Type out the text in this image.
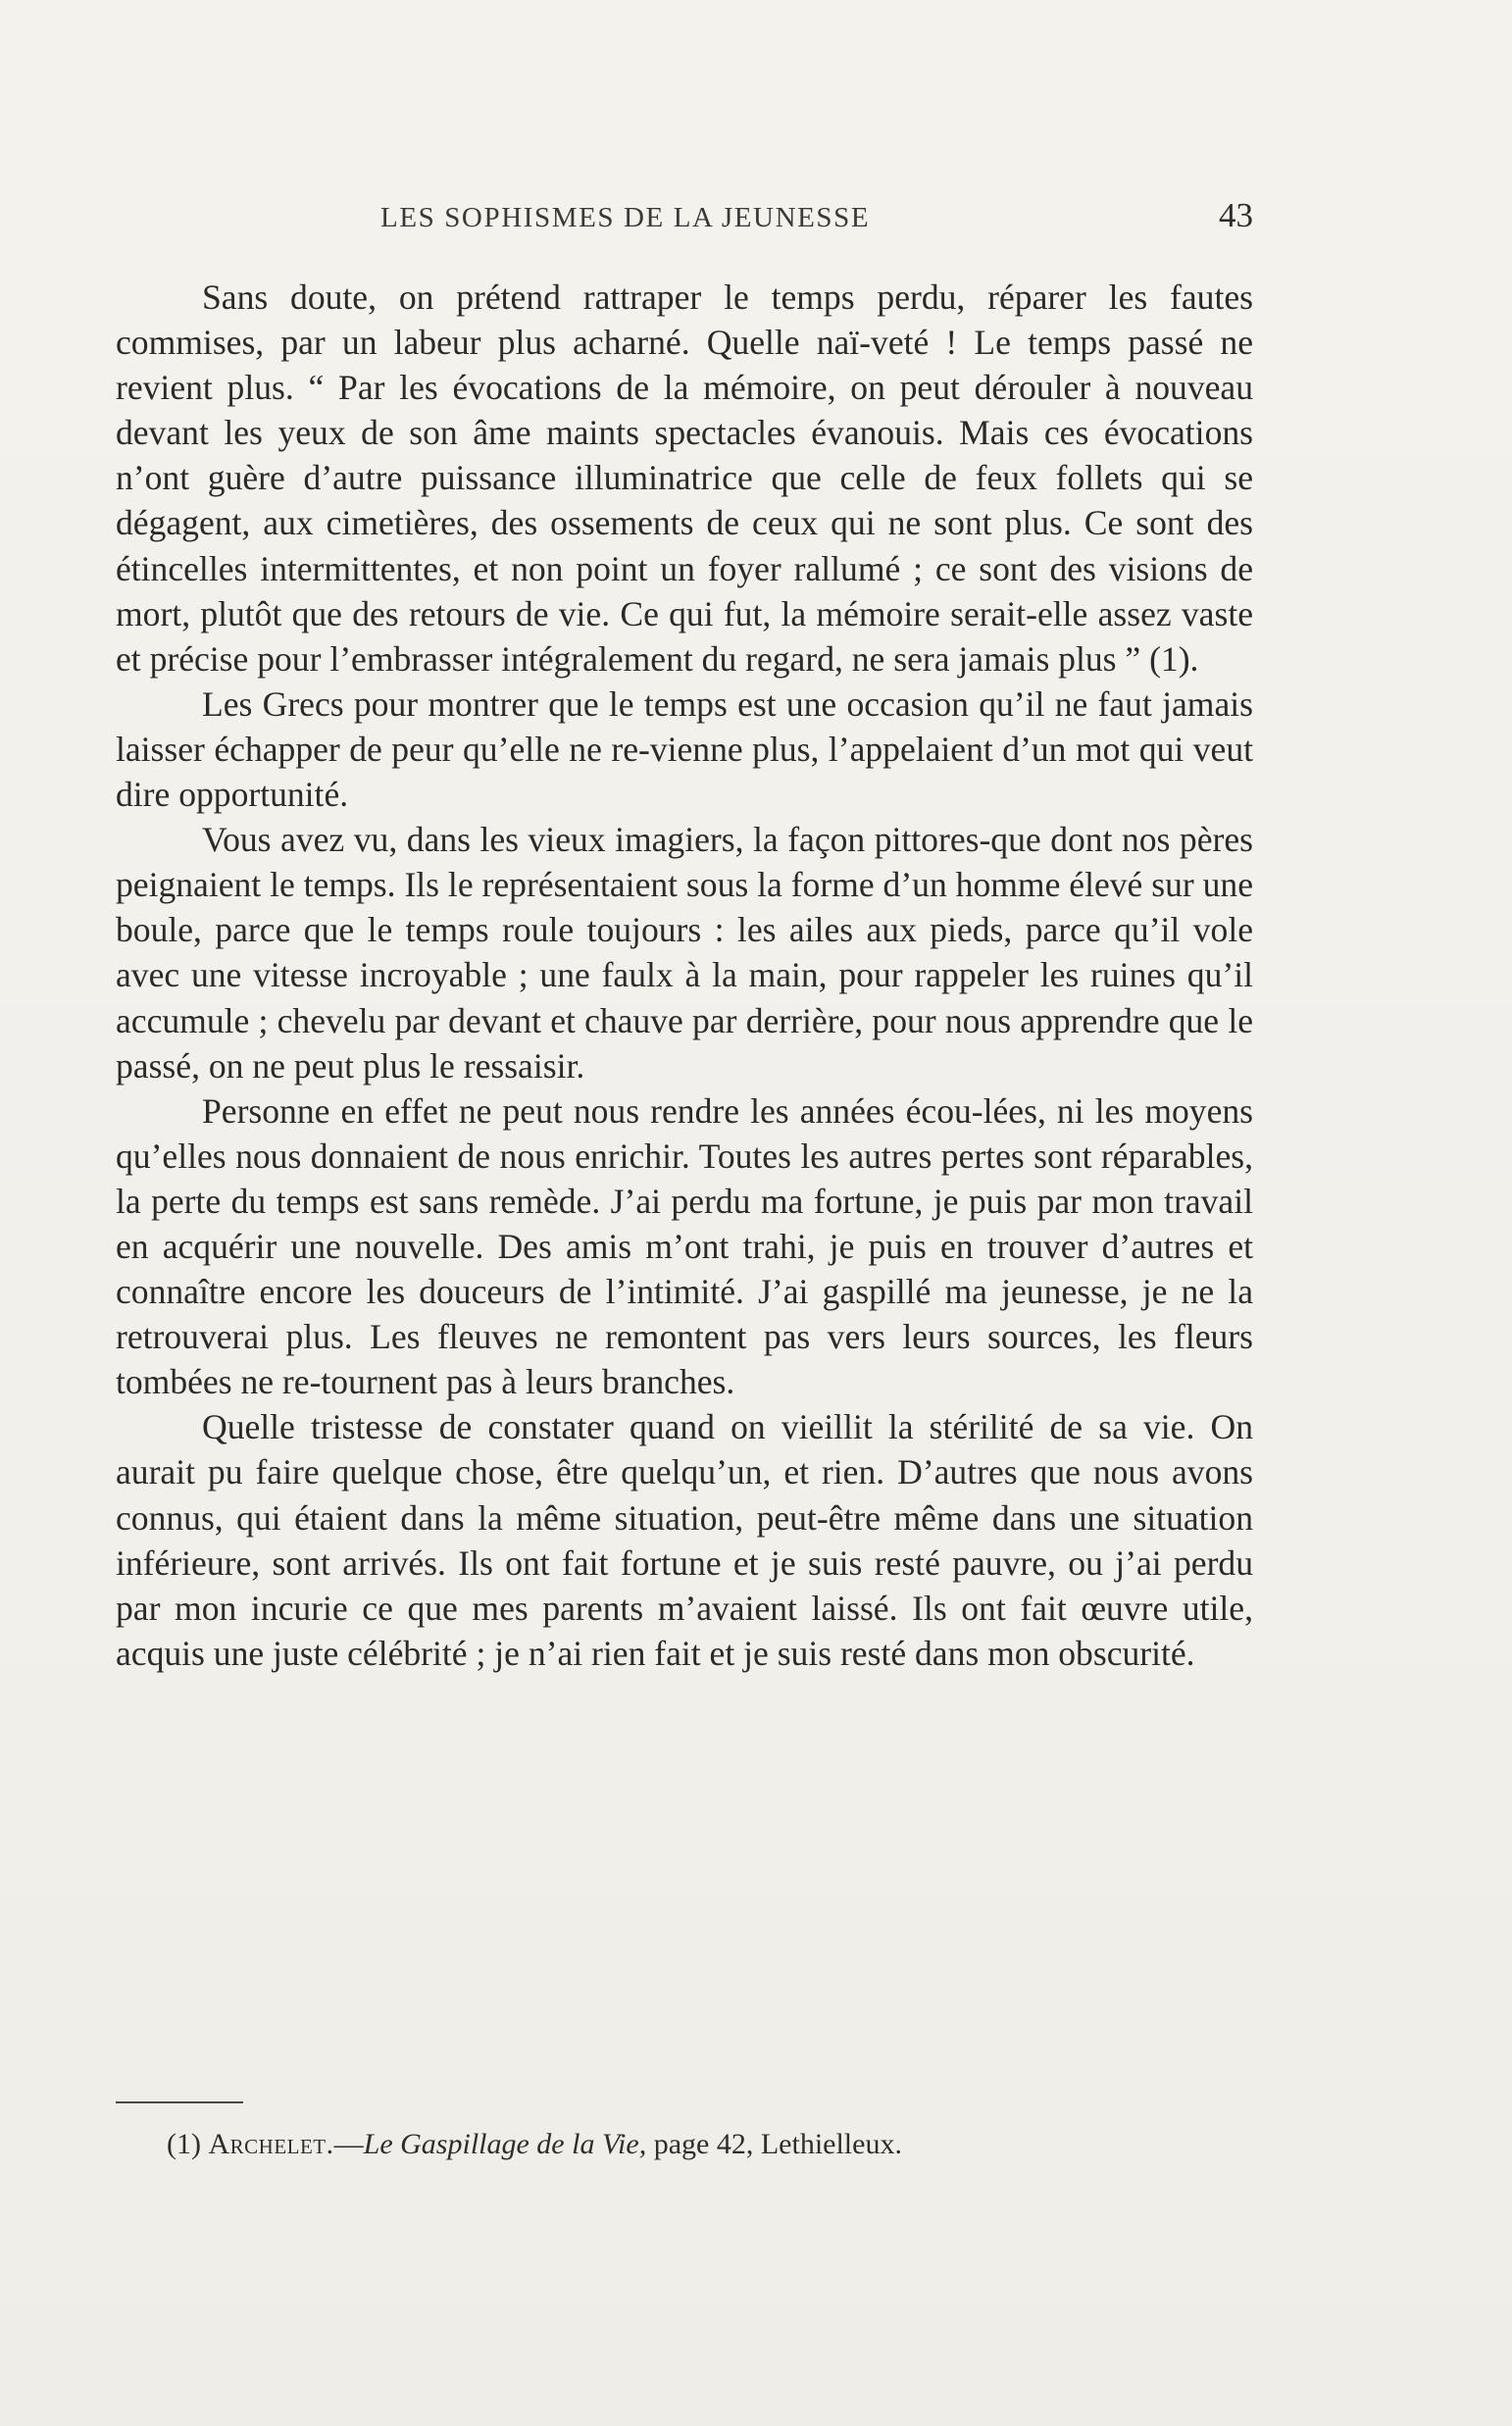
LES SOPHISMES DE LA JEUNESSE	43

Sans doute, on prétend rattraper le temps perdu, réparer les fautes commises, par un labeur plus acharné. Quelle naï-veté ! Le temps passé ne revient plus. “ Par les évocations de la mémoire, on peut dérouler à nouveau devant les yeux de son âme maints spectacles évanouis. Mais ces évocations n’ont guère d’autre puissance illuminatrice que celle de feux follets qui se dégagent, aux cimetières, des ossements de ceux qui ne sont plus. Ce sont des étincelles intermittentes, et non point un foyer rallumé ; ce sont des visions de mort, plutôt que des retours de vie. Ce qui fut, la mémoire serait-elle assez vaste et précise pour l’embrasser intégralement du regard, ne sera jamais plus ” (1).

Les Grecs pour montrer que le temps est une occasion qu’il ne faut jamais laisser échapper de peur qu’elle ne re-vienne plus, l’appelaient d’un mot qui veut dire opportunité.

Vous avez vu, dans les vieux imagiers, la façon pittores-que dont nos pères peignaient le temps. Ils le représentaient sous la forme d’un homme élevé sur une boule, parce que le temps roule toujours : les ailes aux pieds, parce qu’il vole avec une vitesse incroyable ; une faulx à la main, pour rappeler les ruines qu’il accumule ; chevelu par devant et chauve par derrière, pour nous apprendre que le passé, on ne peut plus le ressaisir.

Personne en effet ne peut nous rendre les années écou-lées, ni les moyens qu’elles nous donnaient de nous enrichir. Toutes les autres pertes sont réparables, la perte du temps est sans remède. J’ai perdu ma fortune, je puis par mon travail en acquérir une nouvelle. Des amis m’ont trahi, je puis en trouver d’autres et connaître encore les douceurs de l’intimité. J’ai gaspillé ma jeunesse, je ne la retrouverai plus. Les fleuves ne remontent pas vers leurs sources, les fleurs tombées ne re-tournent pas à leurs branches.

Quelle tristesse de constater quand on vieillit la stérilité de sa vie. On aurait pu faire quelque chose, être quelqu’un, et rien. D’autres que nous avons connus, qui étaient dans la même situation, peut-être même dans une situation inférieure, sont arrivés. Ils ont fait fortune et je suis resté pauvre, ou j’ai perdu par mon incurie ce que mes parents m’avaient laissé. Ils ont fait œuvre utile, acquis une juste célébrité ; je n’ai rien fait et je suis resté dans mon obscurité.

(1) Archelet.—Le Gaspillage de la Vie, page 42, Lethielleux.
